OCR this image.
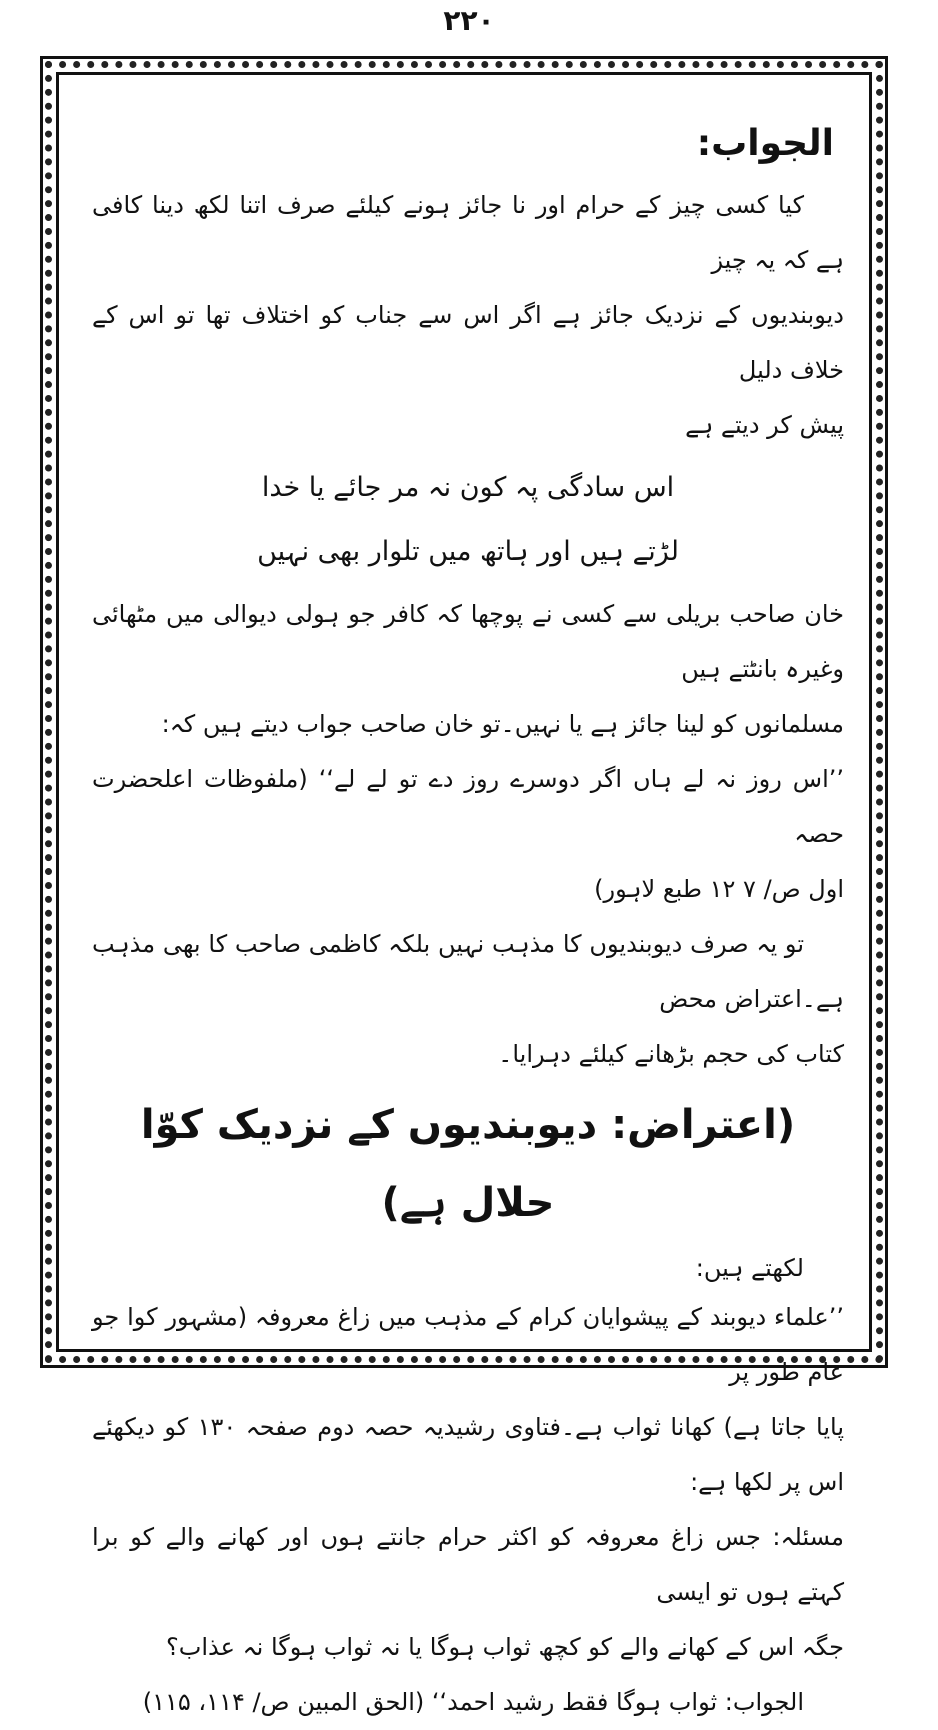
۲۲۰
الجواب:

کیا کسی چیز کے حرام اور نا جائز ہونے کیلئے صرف اتنا لکھ دینا کافی ہے کہ یہ چیز

دیوبندیوں کے نزدیک جائز ہے اگر اس سے جناب کو اختلاف تھا تو اس کے خلاف دلیل

پیش کر دیتے ہے

اس سادگی پہ کون نہ مر جائے یا خدا
لڑتے ہیں اور ہاتھ میں تلوار بھی نہیں

خان صاحب بریلی سے کسی نے پوچھا کہ کافر جو ہولی دیوالی میں مٹھائی وغیرہ بانٹتے ہیں

مسلمانوں کو لینا جائز ہے یا نہیں۔تو خان صاحب جواب دیتے ہیں کہ:

’’اس روز نہ لے ہاں اگر دوسرے روز دے تو لے لے‘‘ (ملفوظات اعلحضرت حصہ

اول ص/ ۷ ۱۲ طبع لاہور)

تو یہ صرف دیوبندیوں کا مذہب نہیں بلکہ کاظمی صاحب کا بھی مذہب ہے۔اعتراض محض

کتاب کی حجم بڑھانے کیلئے دہرایا۔

(اعتراض: دیوبندیوں کے نزدیک کوّا حلال ہے)
لکھتے ہیں:

’’علماء دیوبند کے پیشوایان کرام کے مذہب میں زاغ معروفہ (مشہور کوا جو عام طور پر

پایا جاتا ہے) کھانا ثواب ہے۔فتاوی رشیدیہ حصہ دوم صفحہ ۱۳۰ کو دیکھئے اس پر لکھا ہے:

مسئلہ: جس زاغ معروفہ کو اکثر حرام جانتے ہوں اور کھانے والے کو برا کہتے ہوں تو ایسی

جگہ اس کے کھانے والے کو کچھ ثواب ہوگا یا نہ ثواب ہوگا نہ عذاب؟

الجواب: ثواب ہوگا فقط رشید احمد‘‘ (الحق المبین ص/ ۱۱۴، ۱۱۵)
